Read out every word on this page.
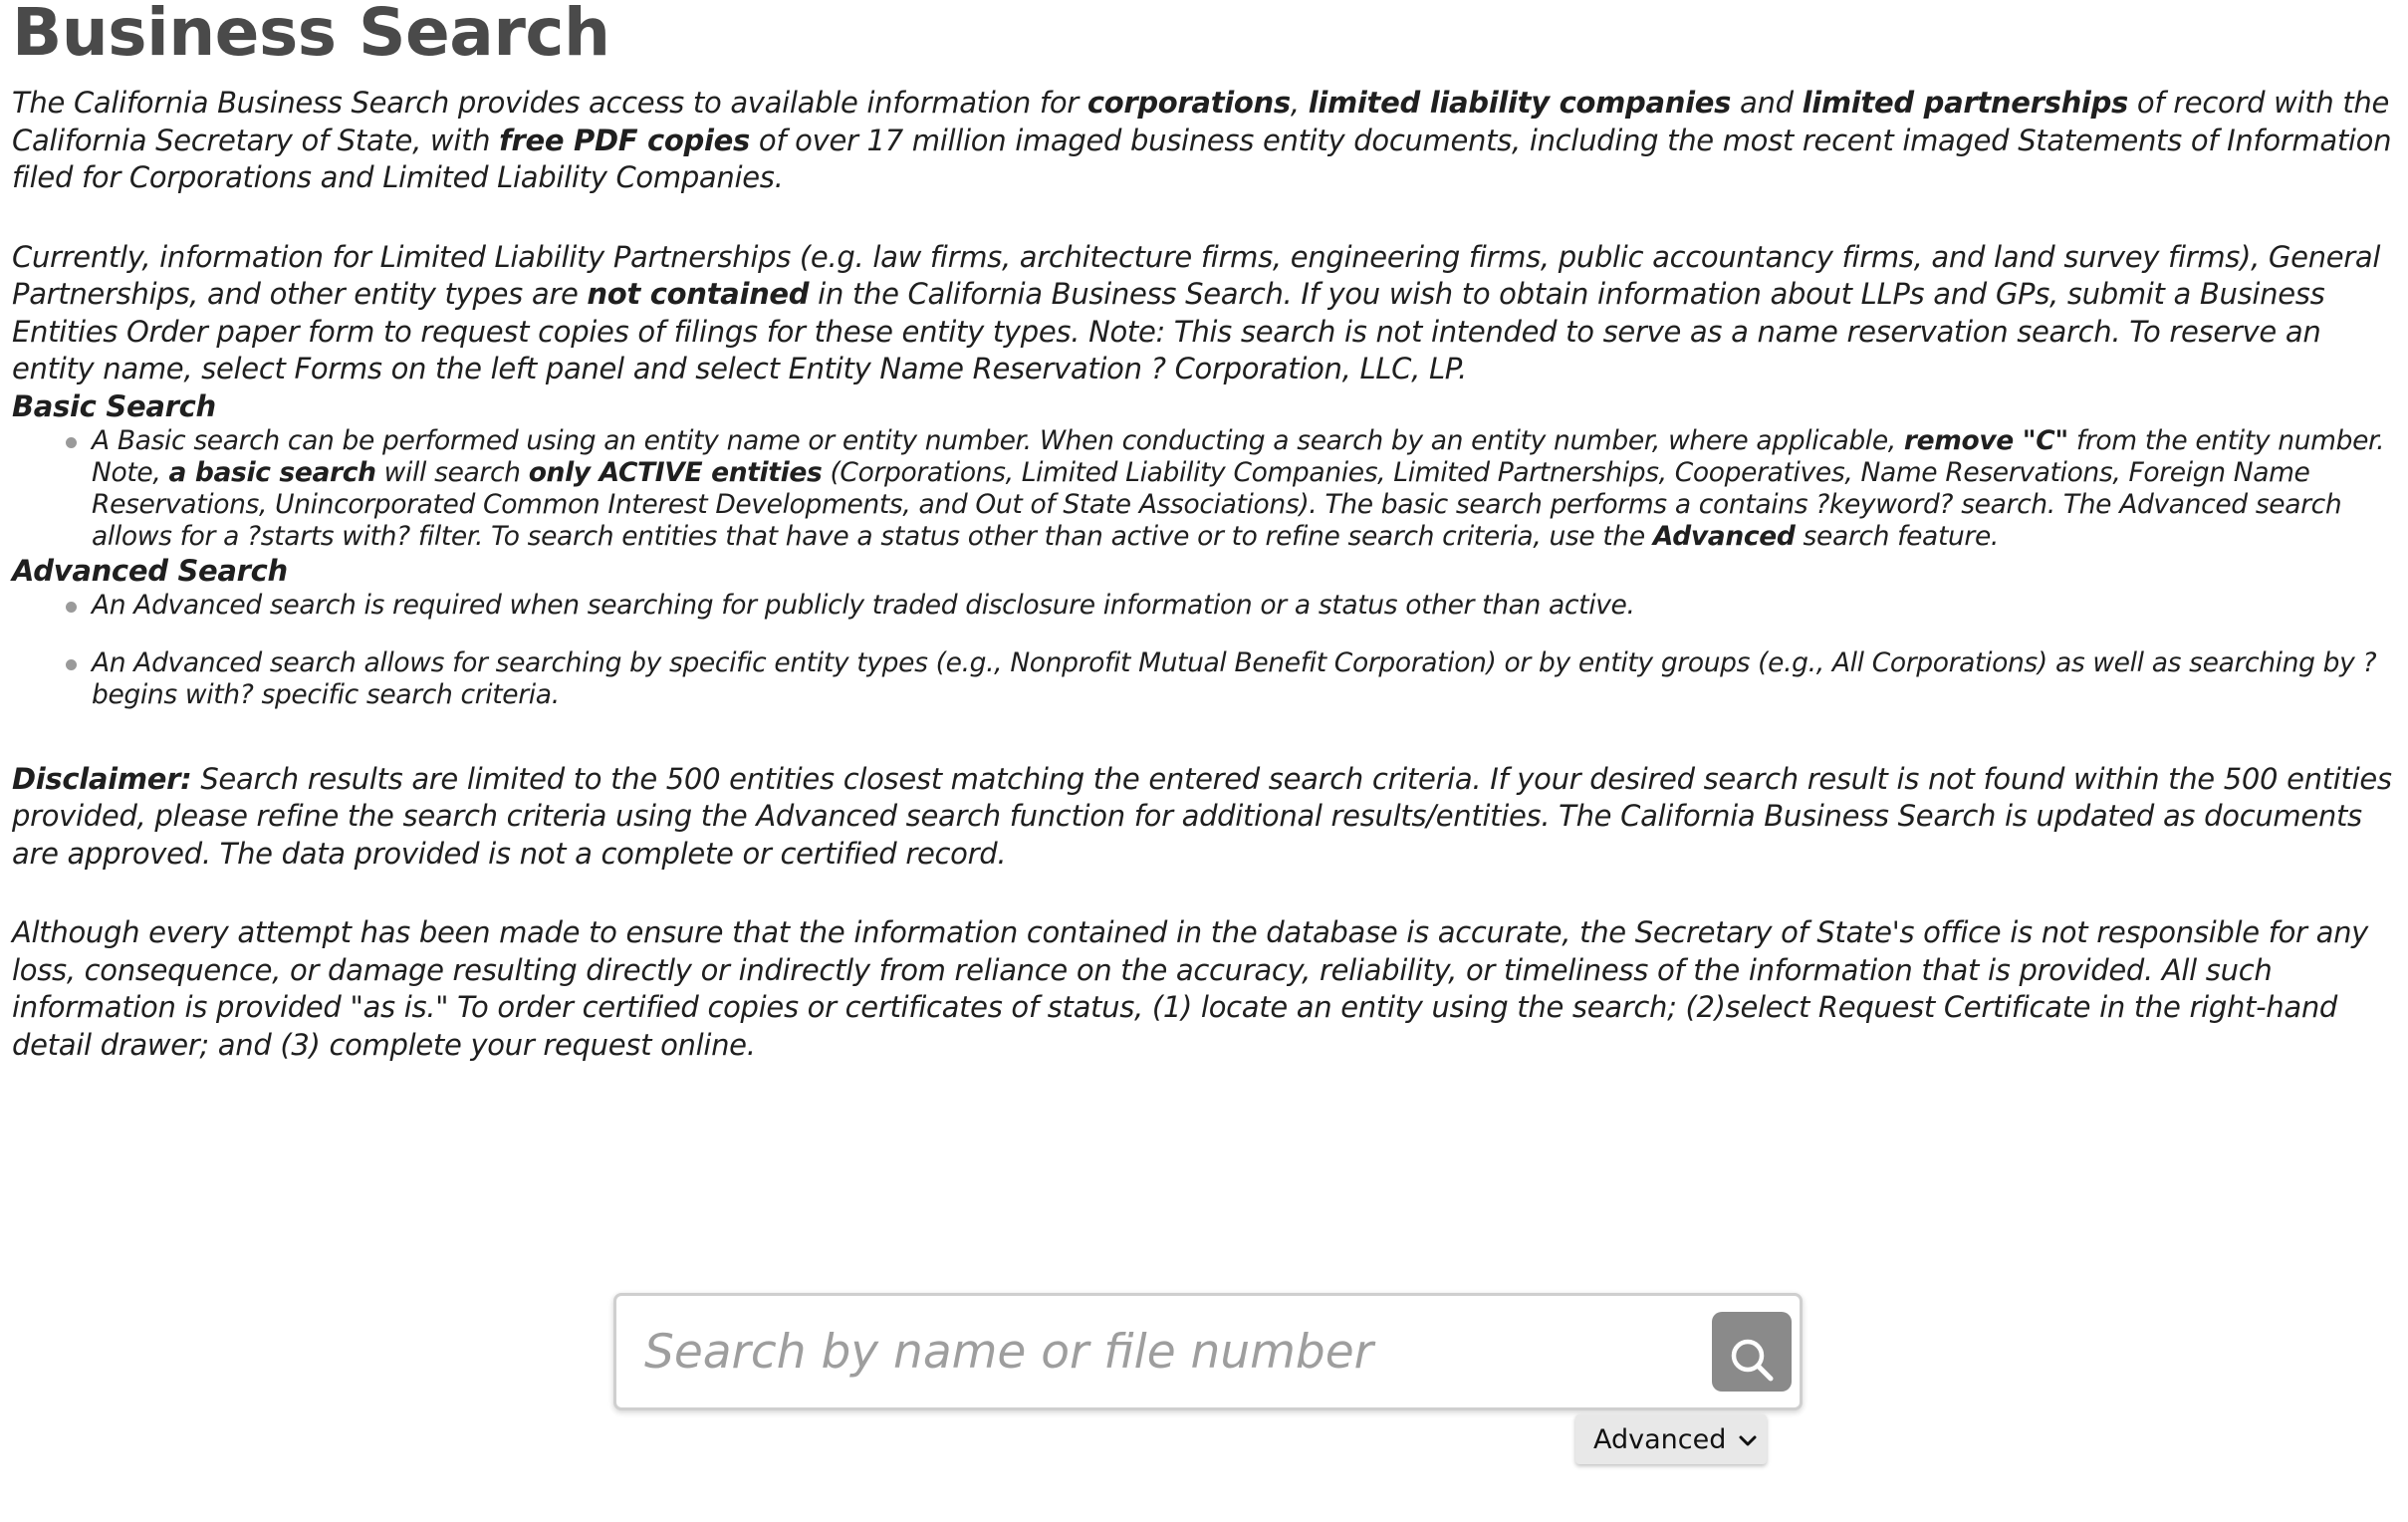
Business Search

The California Business Search provides access to available information for corporations, limited liability companies and limited partnerships of record with the California Secretary of State, with free PDF copies of over 17 million imaged business entity documents, including the most recent imaged Statements of Information filed for Corporations and Limited Liability Companies.

Currently, information for Limited Liability Partnerships (e.g. law firms, architecture firms, engineering firms, public accountancy firms, and land survey firms), General Partnerships, and other entity types are not contained in the California Business Search. If you wish to obtain information about LLPs and GPs, submit a Business Entities Order paper form to request copies of filings for these entity types. Note: This search is not intended to serve as a name reservation search. To reserve an entity name, select Forms on the left panel and select Entity Name Reservation ? Corporation, LLC, LP.

Basic Search
A Basic search can be performed using an entity name or entity number. When conducting a search by an entity number, where applicable, remove "C" from the entity number. Note, a basic search will search only ACTIVE entities (Corporations, Limited Liability Companies, Limited Partnerships, Cooperatives, Name Reservations, Foreign Name Reservations, Unincorporated Common Interest Developments, and Out of State Associations). The basic search performs a contains ?keyword? search. The Advanced search allows for a ?starts with? filter. To search entities that have a status other than active or to refine search criteria, use the Advanced search feature.
Advanced Search
An Advanced search is required when searching for publicly traded disclosure information or a status other than active.
An Advanced search allows for searching by specific entity types (e.g., Nonprofit Mutual Benefit Corporation) or by entity groups (e.g., All Corporations) as well as searching by ?begins with? specific search criteria.

Disclaimer: Search results are limited to the 500 entities closest matching the entered search criteria. If your desired search result is not found within the 500 entities provided, please refine the search criteria using the Advanced search function for additional results/entities. The California Business Search is updated as documents are approved. The data provided is not a complete or certified record.

Although every attempt has been made to ensure that the information contained in the database is accurate, the Secretary of State's office is not responsible for any loss, consequence, or damage resulting directly or indirectly from reliance on the accuracy, reliability, or timeliness of the information that is provided. All such information is provided "as is." To order certified copies or certificates of status, (1) locate an entity using the search; (2)select Request Certificate in the right-hand detail drawer; and (3) complete your request online.

Search by name or file number
Advanced
